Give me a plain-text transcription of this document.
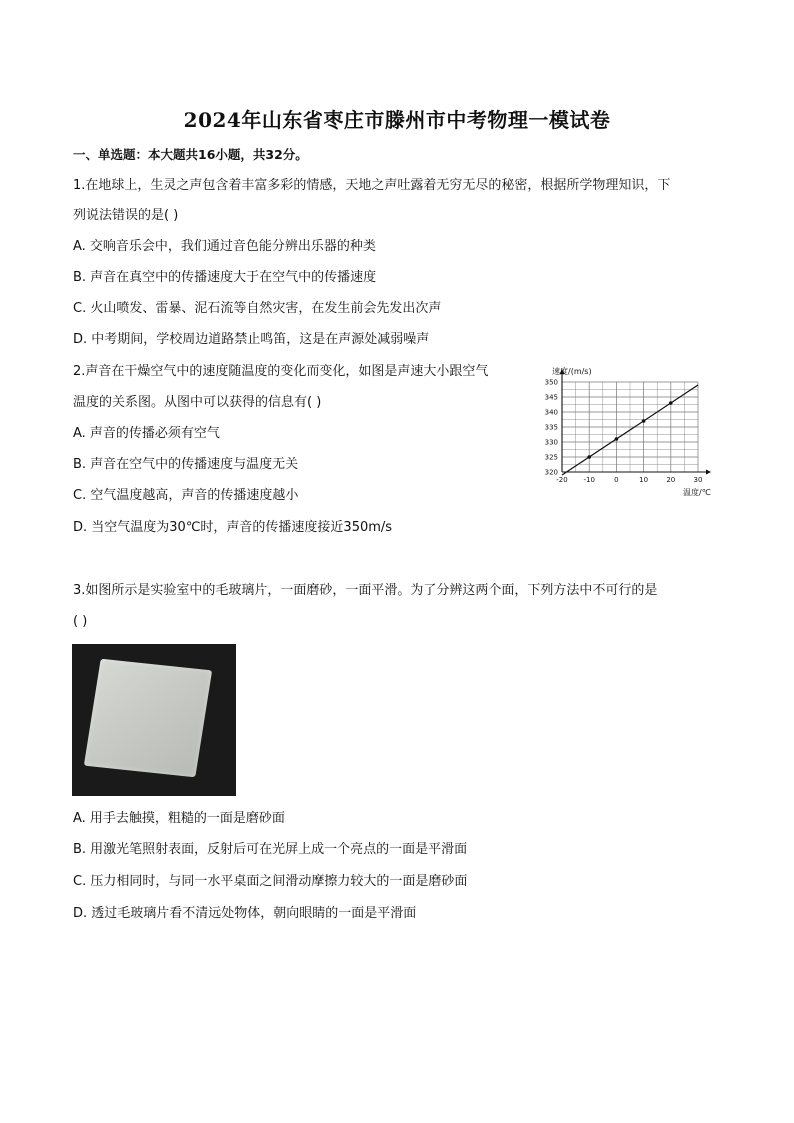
2024年山东省枣庄市滕州市中考物理一模试卷
一、单选题：本大题共16小题，共32分。
1.在地球上，生灵之声包含着丰富多彩的情感，天地之声吐露着无穷无尽的秘密，根据所学物理知识，下
列说法错误的是( )
A. 交响音乐会中，我们通过音色能分辨出乐器的种类
B. 声音在真空中的传播速度大于在空气中的传播速度
C. 火山喷发、雷暴、泥石流等自然灾害，在发生前会先发出次声
D. 中考期间，学校周边道路禁止鸣笛，这是在声源处减弱噪声
2.声音在干燥空气中的速度随温度的变化而变化，如图是声速大小跟空气
温度的关系图。从图中可以获得的信息有( )
A. 声音的传播必须有空气
B. 声音在空气中的传播速度与温度无关
C. 空气温度越高，声音的传播速度越小
D. 当空气温度为30℃时，声音的传播速度接近350m/s
-20 -10	0	10	20	30
320
325
330
335
340
345
350
速度/(m/s)
温度/℃
3.如图所示是实验室中的毛玻璃片，一面磨砂，一面平滑。为了分辨这两个面，下列方法中不可行的是
( )
A. 用手去触摸，粗糙的一面是磨砂面
B. 用激光笔照射表面，反射后可在光屏上成一个亮点的一面是平滑面
C. 压力相同时，与同一水平桌面之间滑动摩擦力较大的一面是磨砂面
D. 透过毛玻璃片看不清远处物体，朝向眼睛的一面是平滑面
